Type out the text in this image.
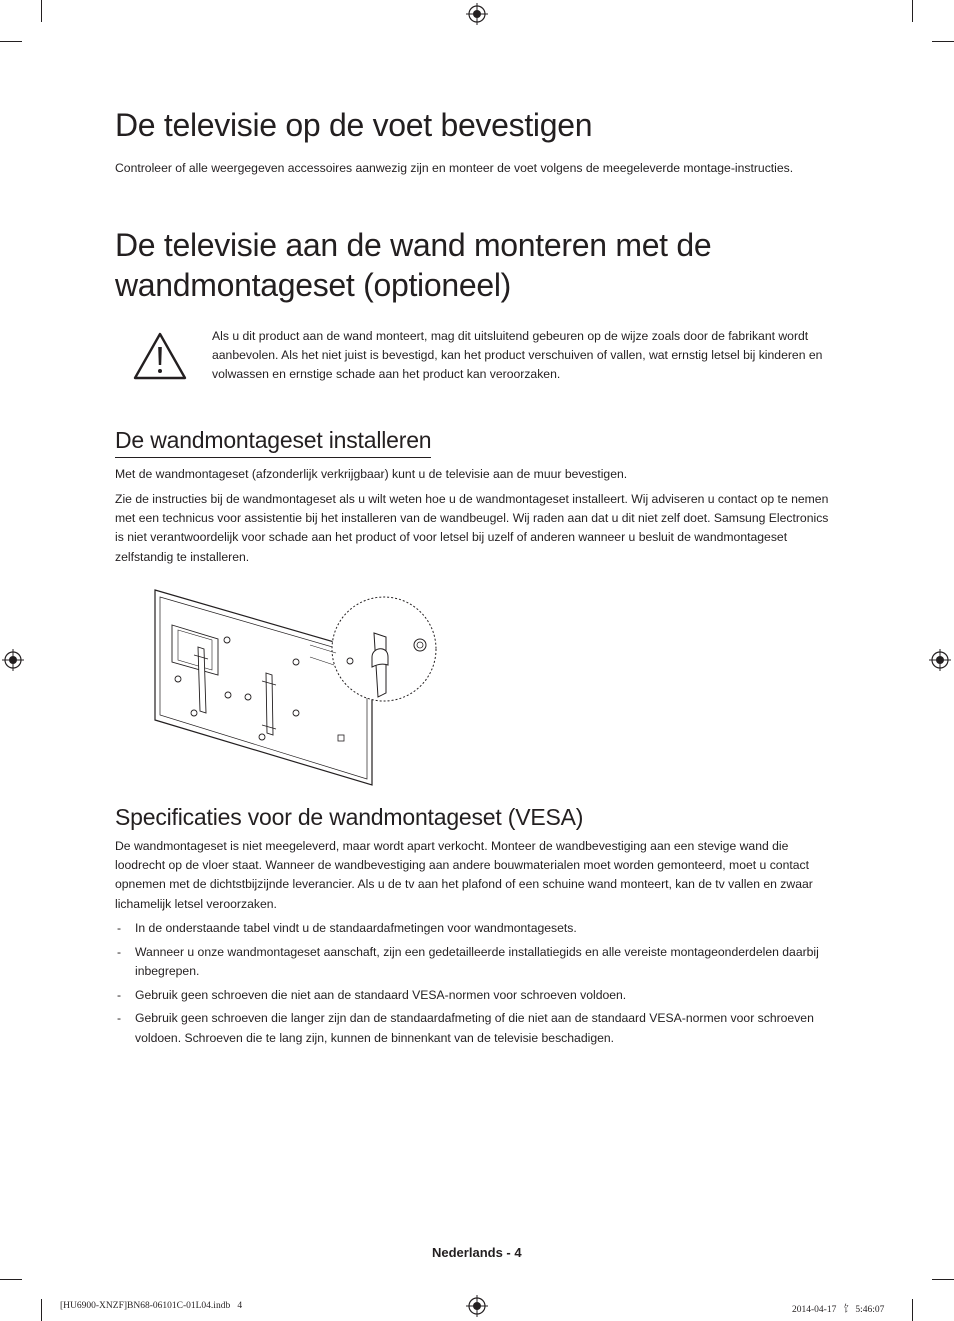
De televisie op de voet bevestigen

Controleer of alle weergegeven accessoires aanwezig zijn en monteer de voet volgens de meegeleverde montage-instructies.

De televisie aan de wand monteren met de
wandmontageset (optioneel)

Als u dit product aan de wand monteert, mag dit uitsluitend gebeuren op de wijze zoals door de fabrikant wordt aanbevolen. Als het niet juist is bevestigd, kan het product verschuiven of vallen, wat ernstig letsel bij kinderen en volwassen en ernstige schade aan het product kan veroorzaken.

De wandmontageset installeren

Met de wandmontageset (afzonderlijk verkrijgbaar) kunt u de televisie aan de muur bevestigen.

Zie de instructies bij de wandmontageset als u wilt weten hoe u de wandmontageset installeert. Wij adviseren u contact op te nemen met een technicus voor assistentie bij het installeren van de wandbeugel. Wij raden aan dat u dit niet zelf doet. Samsung Electronics is niet verantwoordelijk voor schade aan het product of voor letsel bij uzelf of anderen wanneer u besluit de wandmontageset zelfstandig te installeren.

Specificaties voor de wandmontageset (VESA)

De wandmontageset is niet meegeleverd, maar wordt apart verkocht. Monteer de wandbevestiging aan een stevige wand die loodrecht op de vloer staat. Wanneer de wandbevestiging aan andere bouwmaterialen moet worden gemonteerd, moet u contact opnemen met de dichtstbijzijnde leverancier. Als u de tv aan het plafond of een schuine wand monteert, kan de tv vallen en zwaar lichamelijk letsel veroorzaken.

- In de onderstaande tabel vindt u de standaardafmetingen voor wandmontagesets.
- Wanneer u onze wandmontageset aanschaft, zijn een gedetailleerde installatiegids en alle vereiste montageonderdelen daarbij inbegrepen.
- Gebruik geen schroeven die niet aan de standaard VESA-normen voor schroeven voldoen.
- Gebruik geen schroeven die langer zijn dan de standaardafmeting of die niet aan de standaard VESA-normen voor schroeven voldoen. Schroeven die te lang zijn, kunnen de binnenkant van de televisie beschadigen.
Nederlands - 4
[HU6900-XNZF]BN68-06101C-01L04.indb   4	2014-04-17   ⻠ 5:46:07
